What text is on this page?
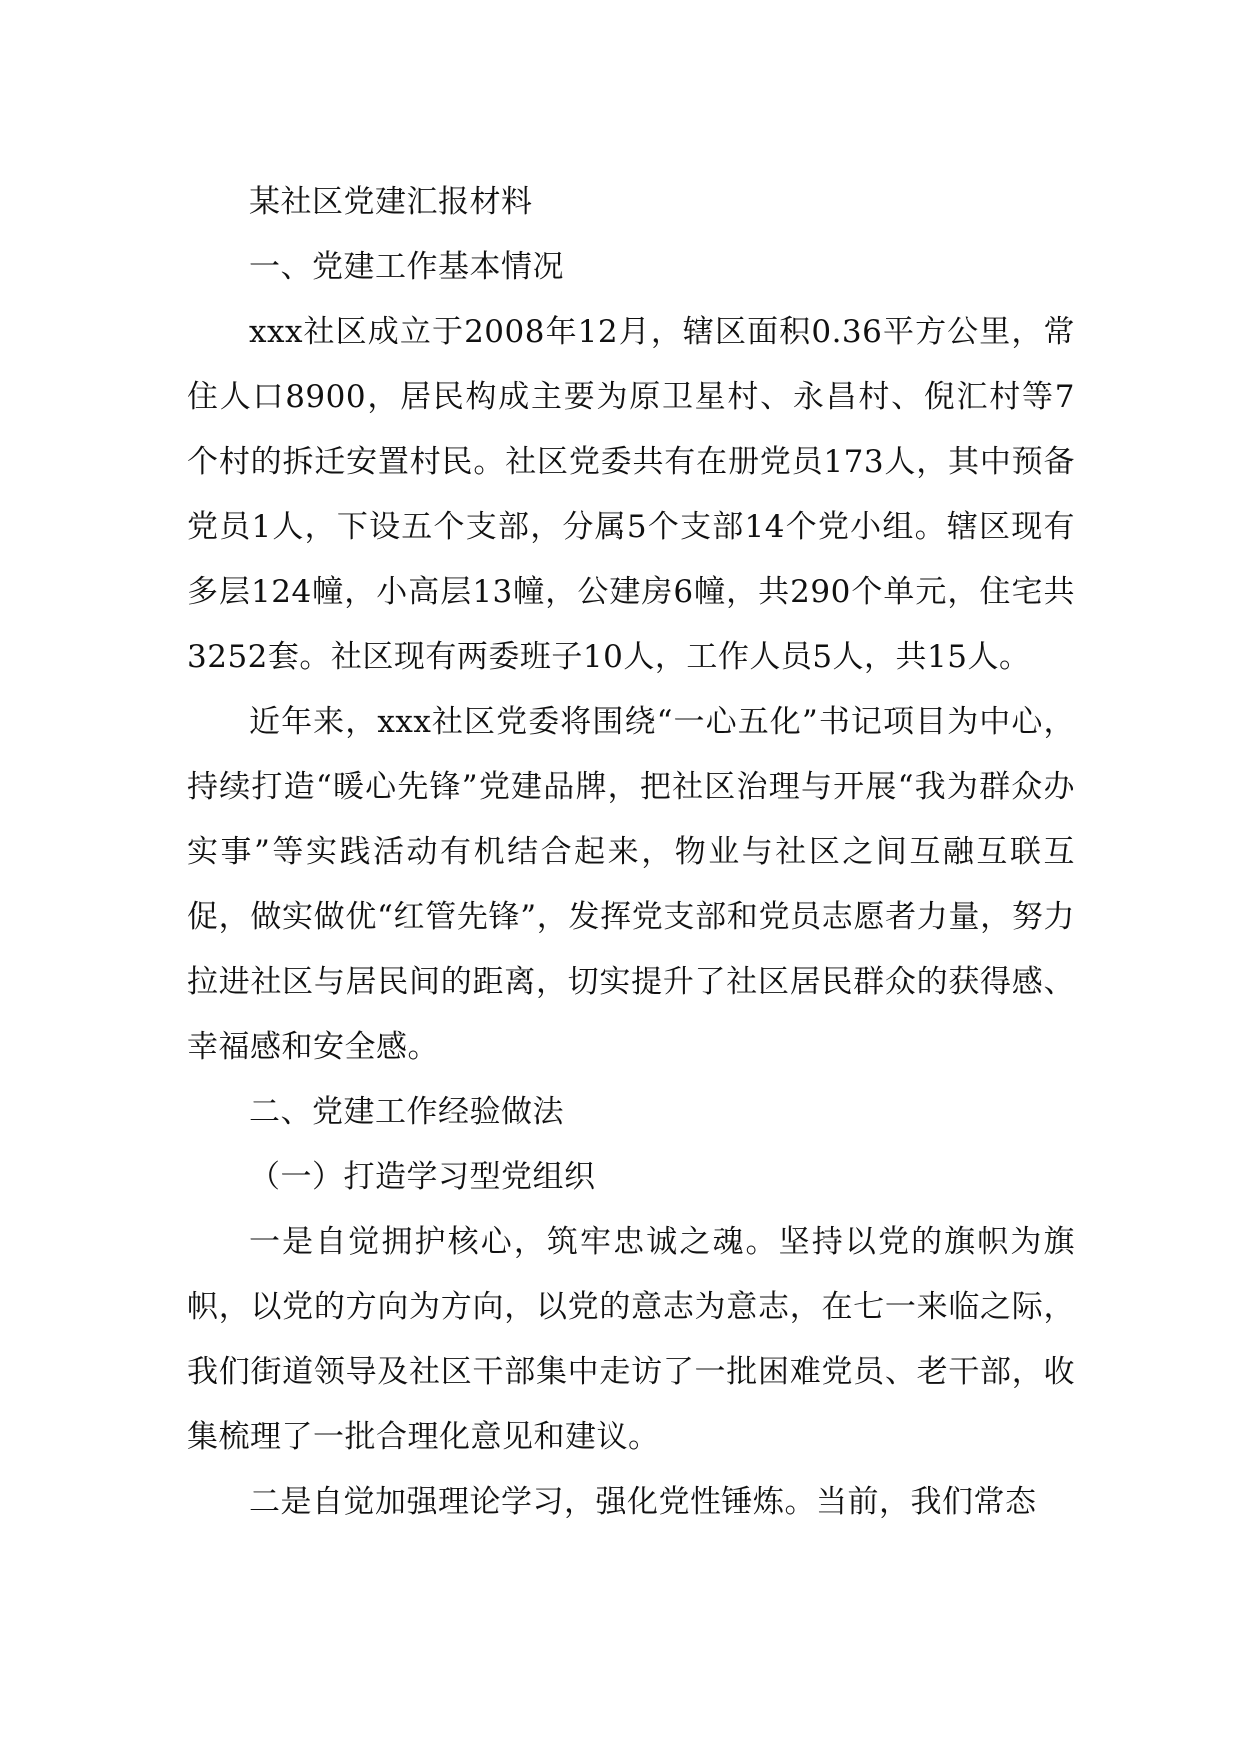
某社区党建汇报材料

一、党建工作基本情况

xxx社区成立于2008年12月，辖区面积0.36平方公里，常住人口8900，居民构成主要为原卫星村、永昌村、倪汇村等7个村的拆迁安置村民。社区党委共有在册党员173人，其中预备党员1人，下设五个支部，分属5个支部14个党小组。辖区现有多层124幢，小高层13幢，公建房6幢，共290个单元，住宅共3252套。社区现有两委班子10人，工作人员5人，共15人。

近年来，xxx社区党委将围绕“一心五化”书记项目为中心，持续打造“暖心先锋”党建品牌，把社区治理与开展“我为群众办实事”等实践活动有机结合起来，物业与社区之间互融互联互促，做实做优“红管先锋”，发挥党支部和党员志愿者力量，努力拉进社区与居民间的距离，切实提升了社区居民群众的获得感、幸福感和安全感。

二、党建工作经验做法

（一）打造学习型党组织

一是自觉拥护核心，筑牢忠诚之魂。坚持以党的旗帜为旗帜，以党的方向为方向，以党的意志为意志，在七一来临之际，我们街道领导及社区干部集中走访了一批困难党员、老干部，收集梳理了一批合理化意见和建议。

二是自觉加强理论学习，强化党性锤炼。当前，我们常态
